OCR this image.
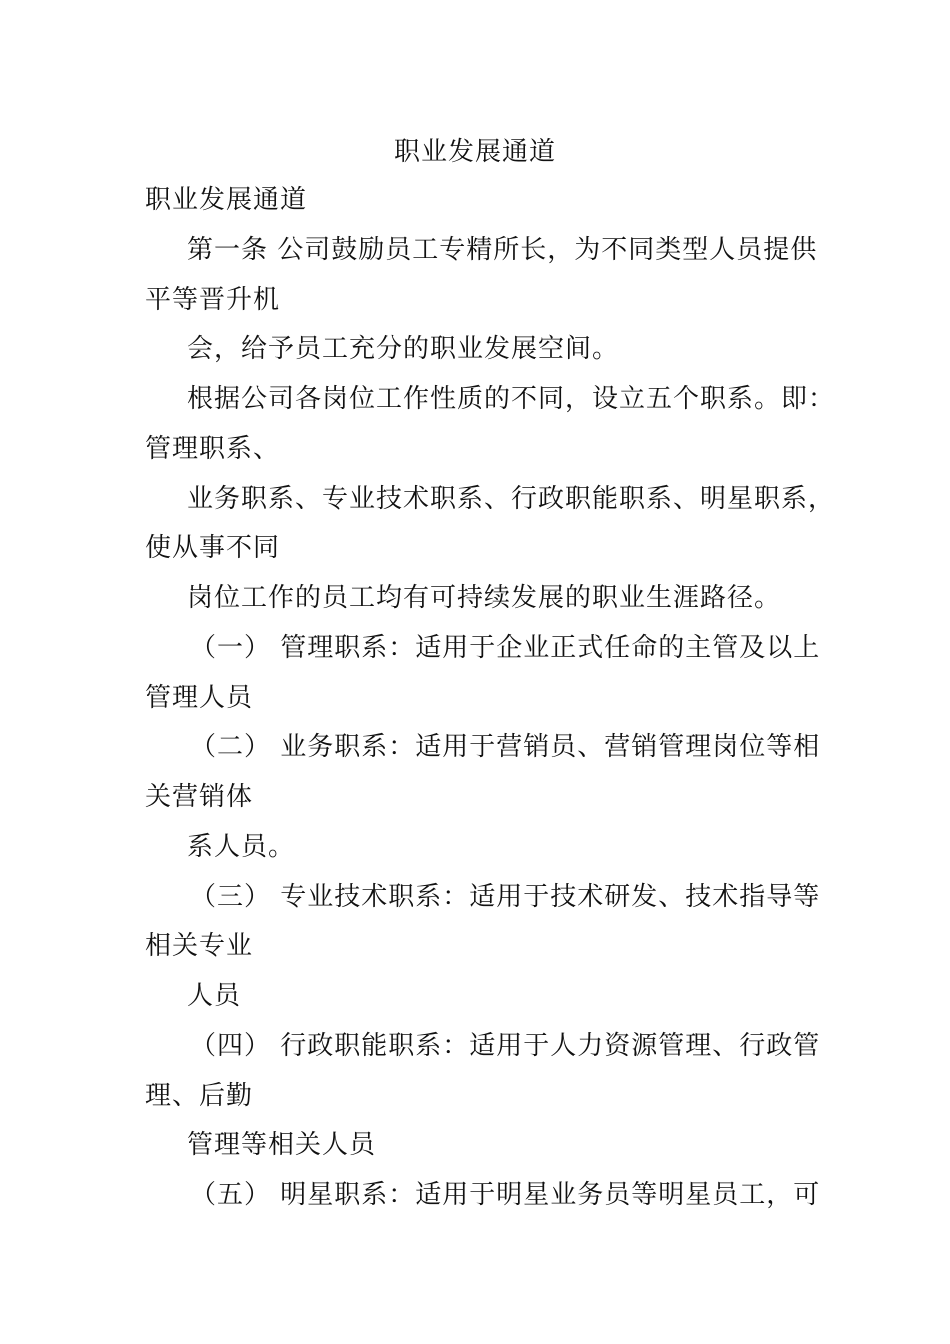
职业发展通道
职业发展通道
第一条 公司鼓励员工专精所长，为不同类型人员提供
平等晋升机
会，给予员工充分的职业发展空间。
根据公司各岗位工作性质的不同，设立五个职系。即：
管理职系、
业务职系、专业技术职系、行政职能职系、明星职系，
使从事不同
岗位工作的员工均有可持续发展的职业生涯路径。
（一） 管理职系：适用于企业正式任命的主管及以上
管理人员
（二） 业务职系：适用于营销员、营销管理岗位等相
关营销体
系人员。
（三） 专业技术职系：适用于技术研发、技术指导等
相关专业
人员
（四） 行政职能职系：适用于人力资源管理、行政管
理、后勤
管理等相关人员
（五） 明星职系：适用于明星业务员等明星员工，可
